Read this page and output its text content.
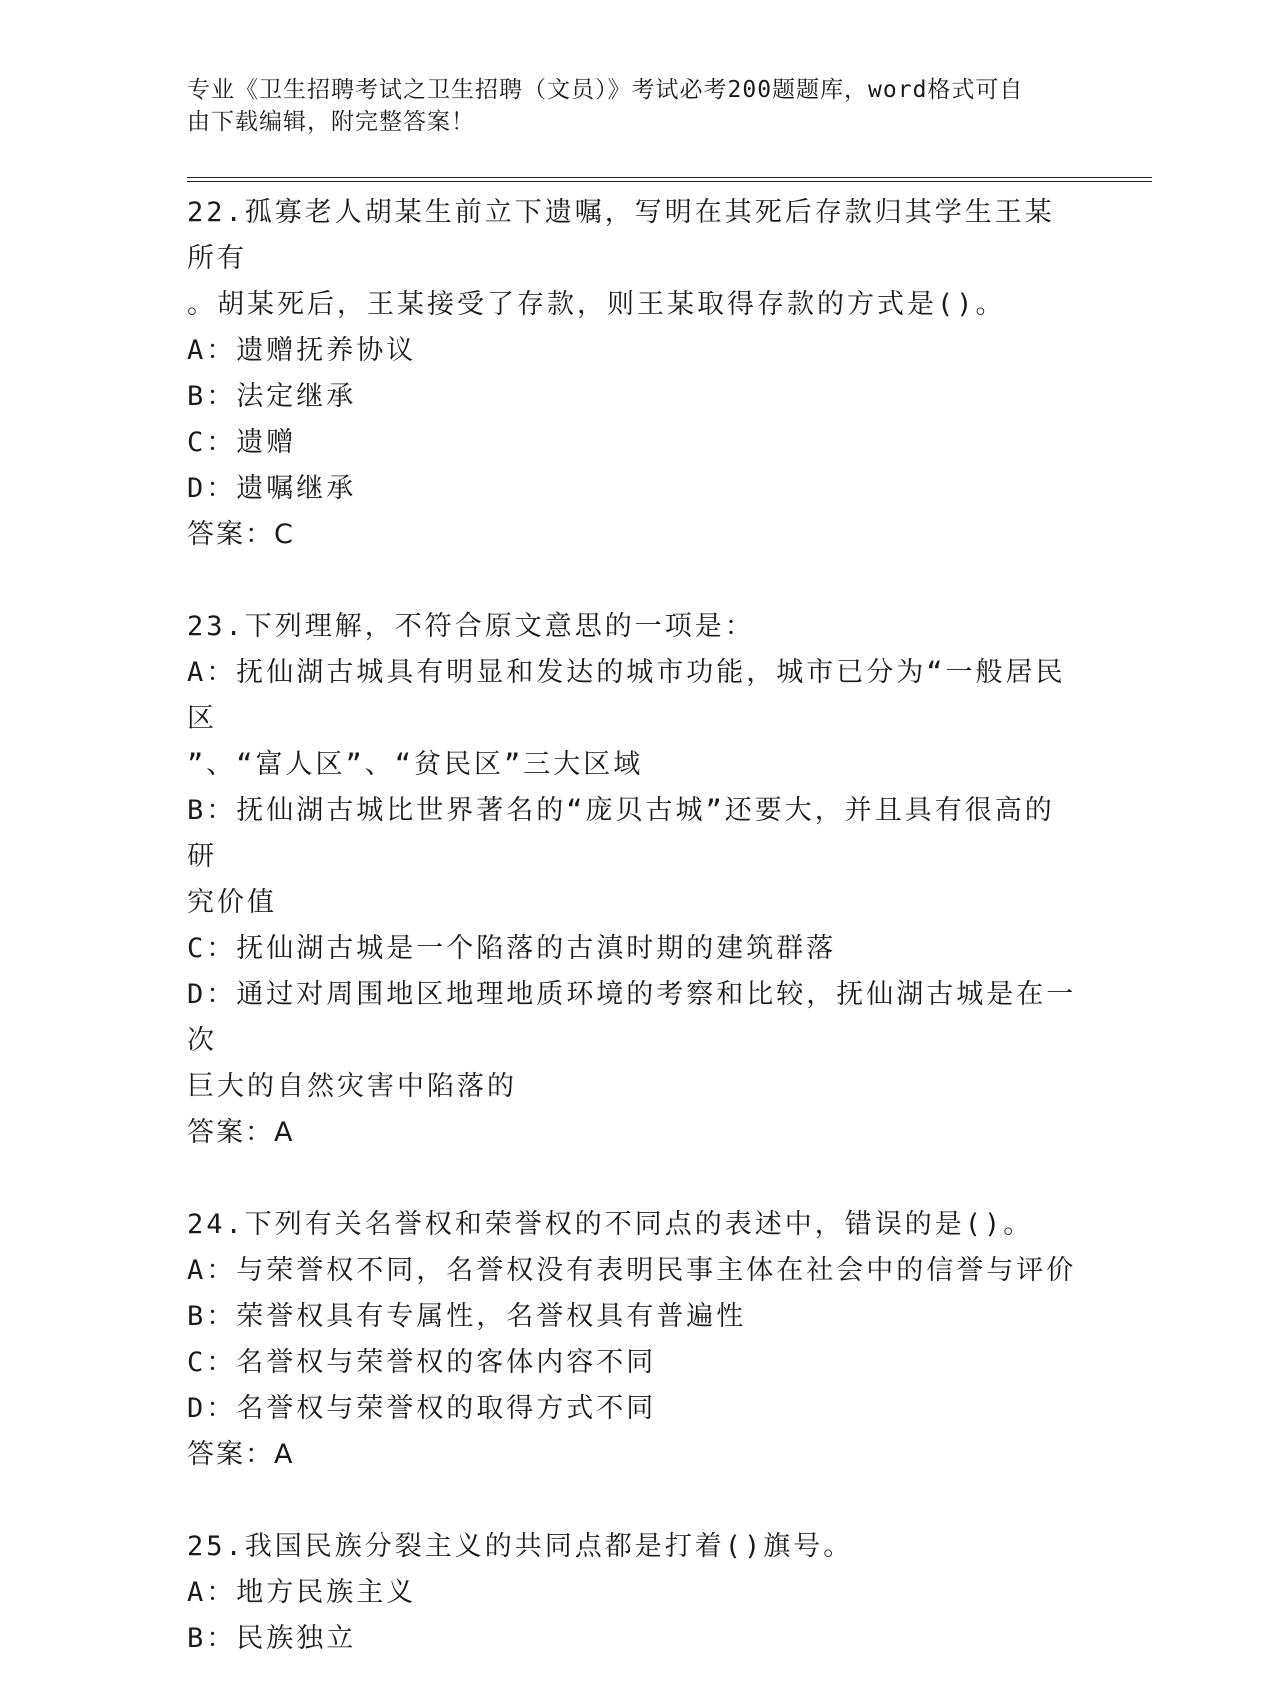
专业《卫生招聘考试之卫生招聘（文员）》考试必考200题题库，word格式可自
由下载编辑，附完整答案！
22.孤寡老人胡某生前立下遗嘱，写明在其死后存款归其学生王某所有
。胡某死后，王某接受了存款，则王某取得存款的方式是()。
A：遗赠抚养协议
B：法定继承
C：遗赠
D：遗嘱继承
答案：C
23.下列理解，不符合原文意思的一项是：
A：抚仙湖古城具有明显和发达的城市功能，城市已分为“一般居民区
”、“富人区”、“贫民区”三大区域
B：抚仙湖古城比世界著名的“庞贝古城”还要大，并且具有很高的研
究价值
C：抚仙湖古城是一个陷落的古滇时期的建筑群落
D：通过对周围地区地理地质环境的考察和比较，抚仙湖古城是在一次
巨大的自然灾害中陷落的
答案：A
24.下列有关名誉权和荣誉权的不同点的表述中，错误的是()。
A：与荣誉权不同，名誉权没有表明民事主体在社会中的信誉与评价
B：荣誉权具有专属性，名誉权具有普遍性
C：名誉权与荣誉权的客体内容不同
D：名誉权与荣誉权的取得方式不同
答案：A
25.我国民族分裂主义的共同点都是打着()旗号。
A：地方民族主义
B：民族独立
